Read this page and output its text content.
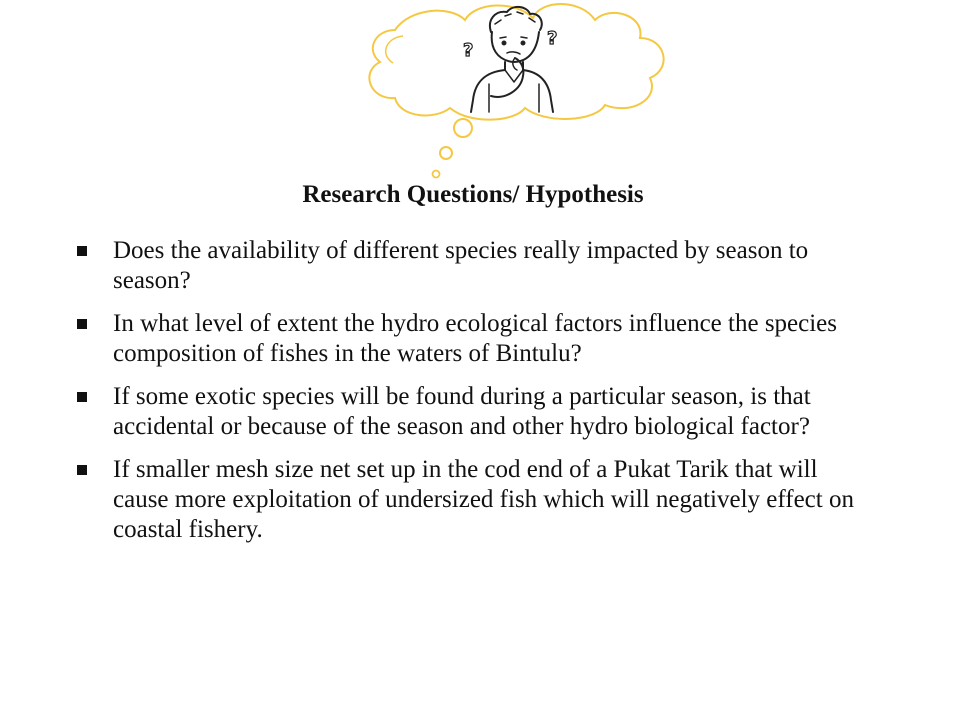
?
?
Research Questions/ Hypothesis
Does the availability of different species really impacted by season to season?
In what level of extent the hydro ecological factors influence the species composition of fishes in the waters of Bintulu?
If some exotic species will be found during a particular season, is that accidental or because of the season and other hydro biological factor?
If smaller mesh size net set up in the cod end of a Pukat Tarik that will cause more exploitation of undersized fish which will negatively effect on coastal fishery.
